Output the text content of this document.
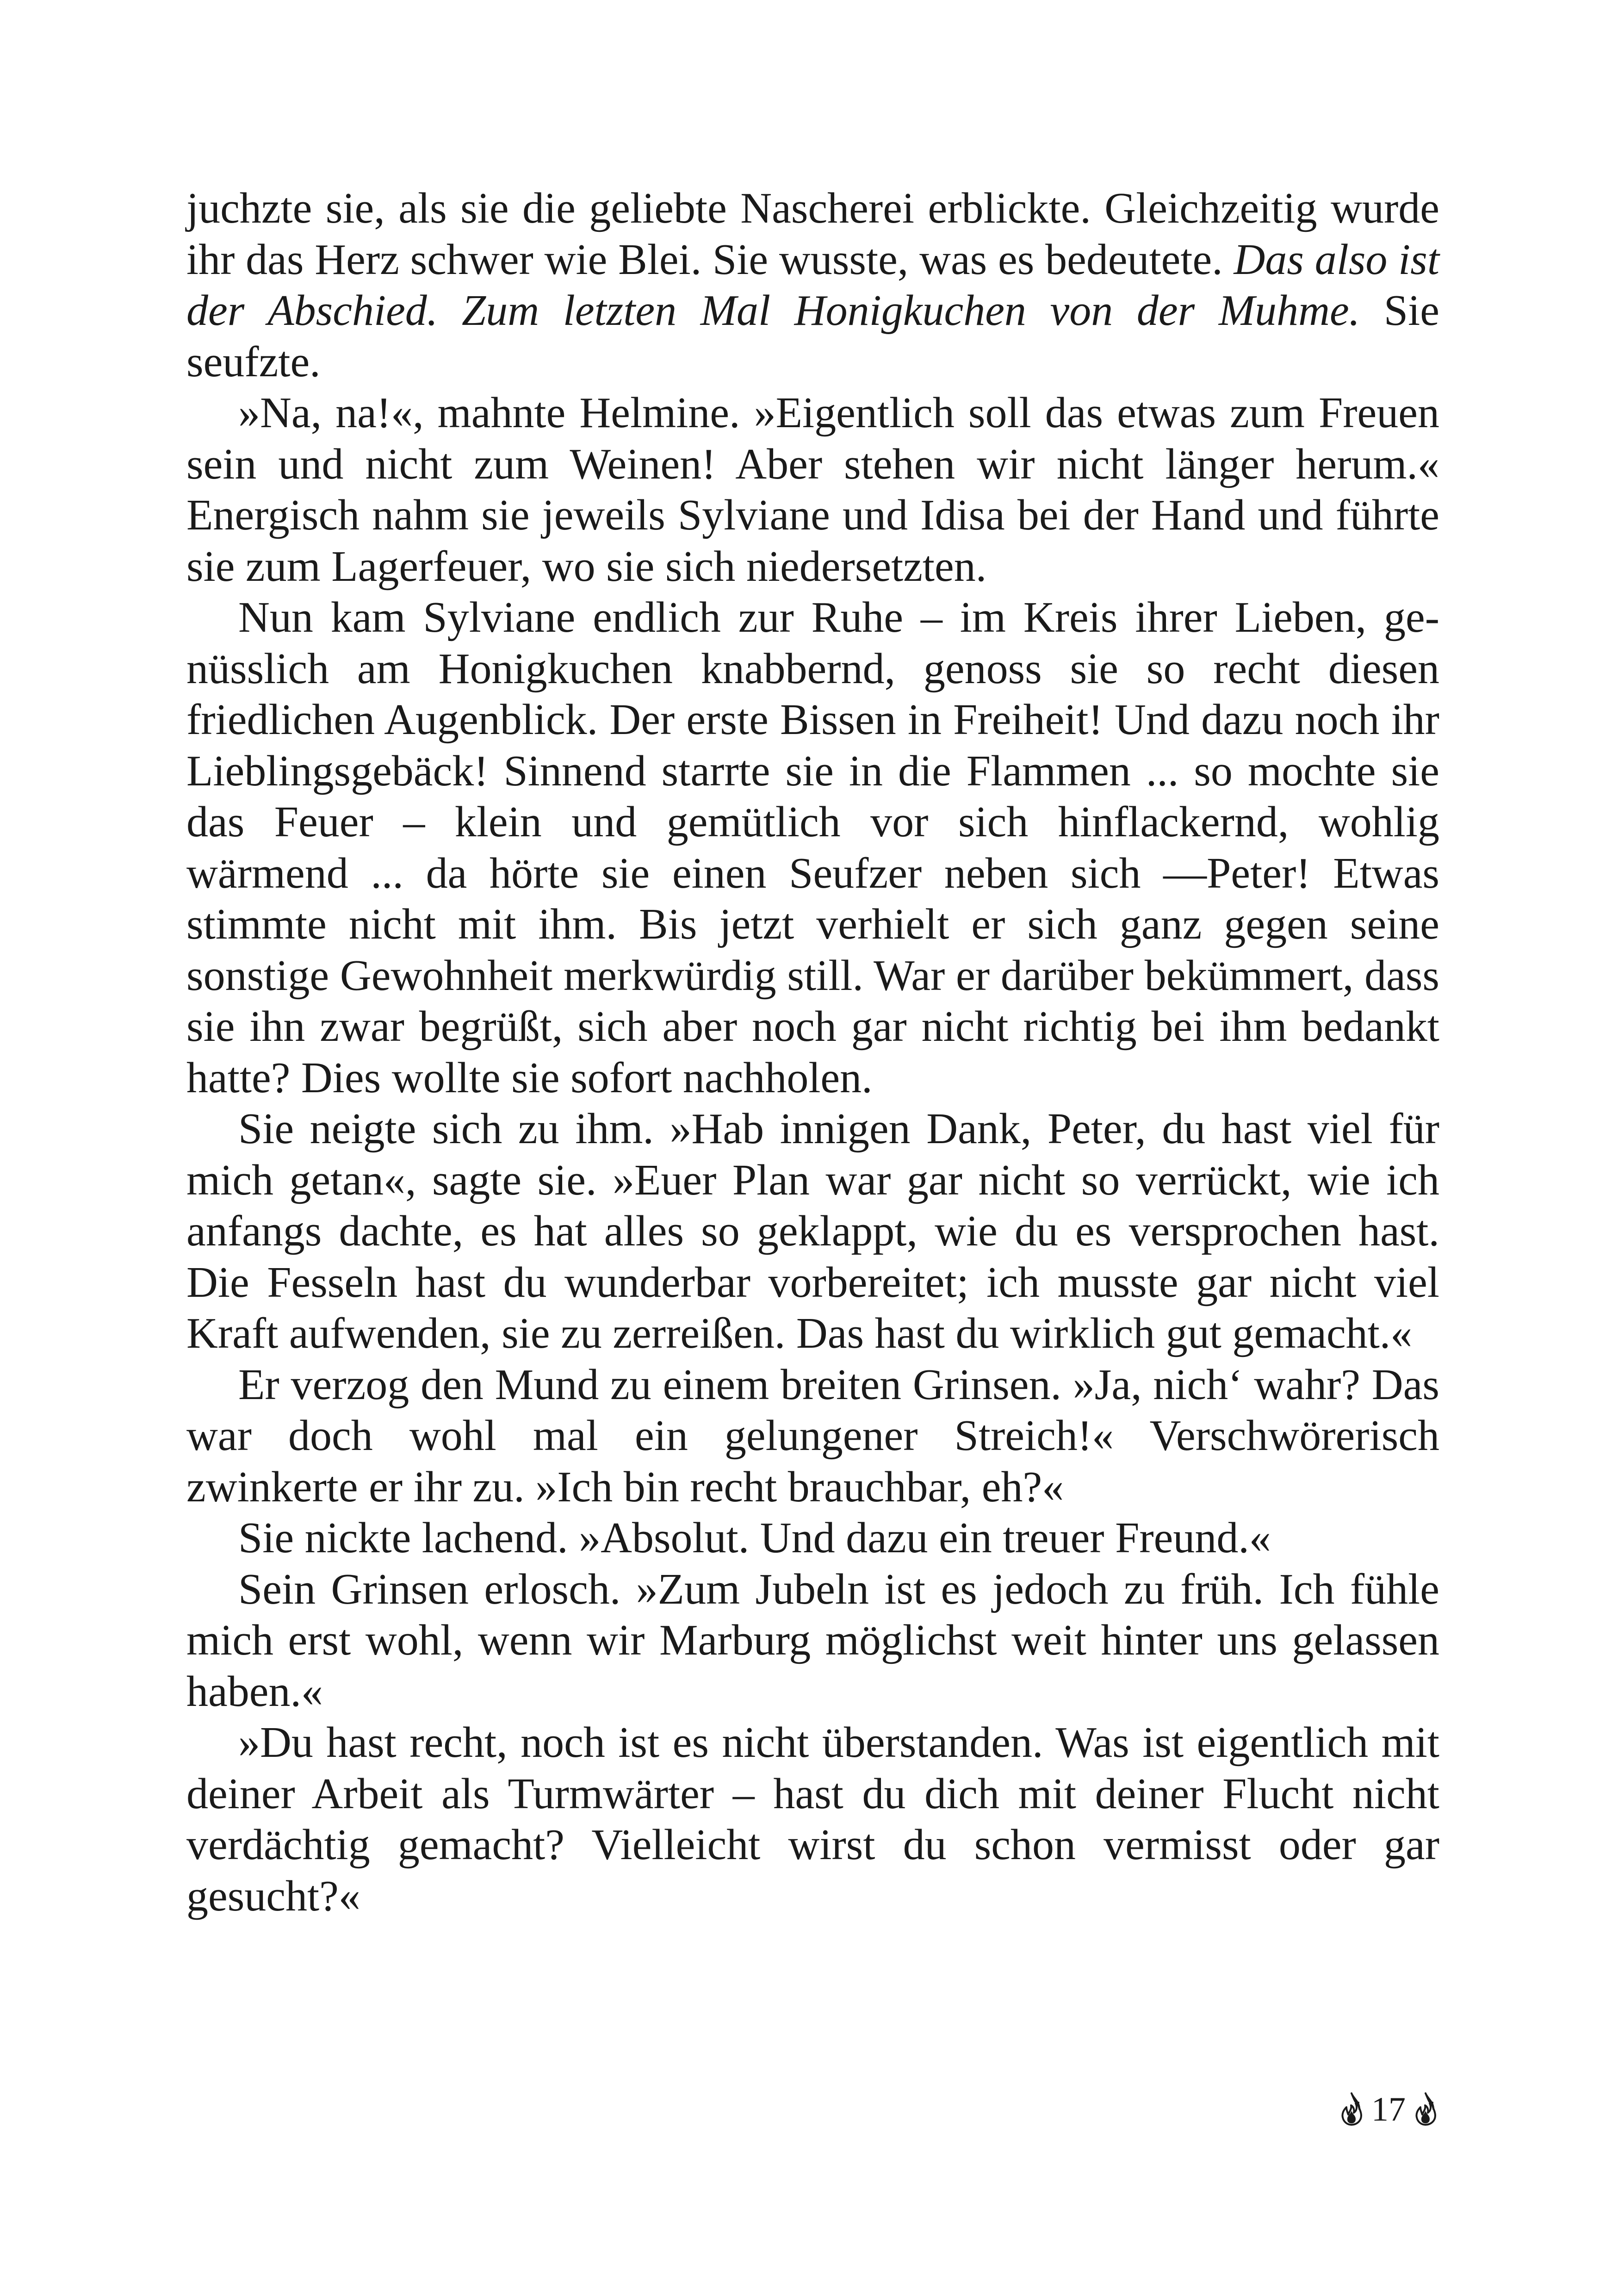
juchzte sie, als sie die geliebte Nascherei erblickte. Gleichzeitig wurde ihr das Herz schwer wie Blei. Sie wusste, was es bedeutete. Das also ist der Abschied. Zum letzten Mal Honigkuchen von der Muhme. Sie seufzte.

»Na, na!«, mahnte Helmine. »Eigentlich soll das etwas zum Freuen sein und nicht zum Weinen! Aber stehen wir nicht länger herum.« Energisch nahm sie jeweils Sylviane und Idisa bei der Hand und führte sie zum Lagerfeuer, wo sie sich niedersetzten.

Nun kam Sylviane endlich zur Ruhe – im Kreis ihrer Lieben, genüsslich am Honigkuchen knabbernd, genoss sie so recht diesen friedlichen Augenblick. Der erste Bissen in Freiheit! Und dazu noch ihr Lieblingsgebäck! Sinnend starrte sie in die Flammen ... so mochte sie das Feuer – klein und gemütlich vor sich hinflackernd, wohlig wärmend ... da hörte sie einen Seufzer neben sich —Peter! Etwas stimmte nicht mit ihm. Bis jetzt verhielt er sich ganz gegen seine sonstige Gewohnheit merkwürdig still. War er darüber bekümmert, dass sie ihn zwar begrüßt, sich aber noch gar nicht richtig bei ihm bedankt hatte? Dies wollte sie sofort nachholen.

Sie neigte sich zu ihm. »Hab innigen Dank, Peter, du hast viel für mich getan«, sagte sie. »Euer Plan war gar nicht so verrückt, wie ich anfangs dachte, es hat alles so geklappt, wie du es versprochen hast. Die Fesseln hast du wunderbar vorbereitet; ich musste gar nicht viel Kraft aufwenden, sie zu zerreißen. Das hast du wirklich gut gemacht.«

Er verzog den Mund zu einem breiten Grinsen. »Ja, nich‘ wahr? Das war doch wohl mal ein gelungener Streich!« Verschwörerisch zwinkerte er ihr zu. »Ich bin recht brauchbar, eh?«

Sie nickte lachend. »Absolut. Und dazu ein treuer Freund.«

Sein Grinsen erlosch. »Zum Jubeln ist es jedoch zu früh. Ich fühle mich erst wohl, wenn wir Marburg möglichst weit hinter uns gelassen haben.«

»Du hast recht, noch ist es nicht überstanden. Was ist eigentlich mit deiner Arbeit als Turmwärter – hast du dich mit deiner Flucht nicht verdächtig gemacht? Vielleicht wirst du schon vermisst oder gar gesucht?«

17
